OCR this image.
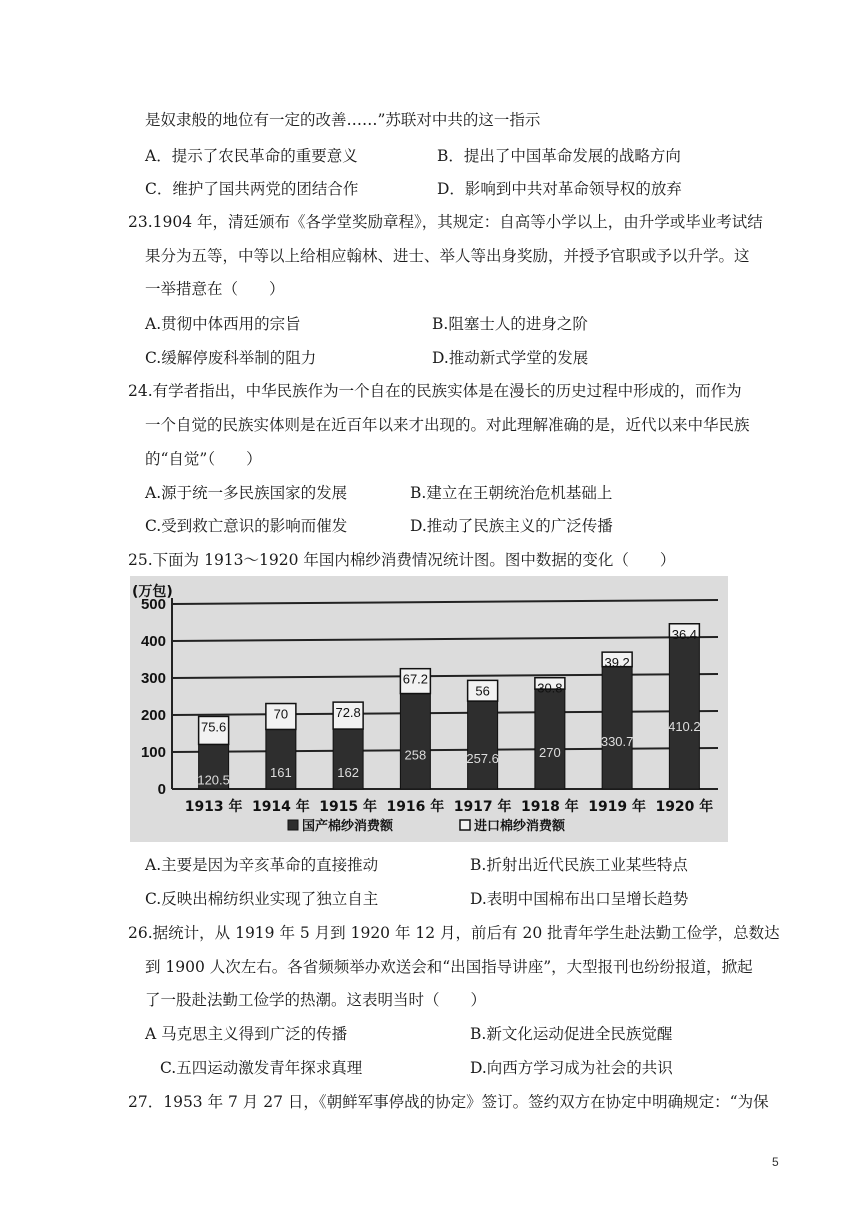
是奴隶般的地位有一定的改善……”苏联对中共的这一指示
A．提示了农民革命的重要意义	B．提出了中国革命发展的战略方向
C．维护了国共两党的团结合作	D．影响到中共对革命领导权的放弃
23.1904 年，清廷颁布《各学堂奖励章程》，其规定：自高等小学以上，由升学或毕业考试结
果分为五等，中等以上给相应翰林、进士、举人等出身奖励，并授予官职或予以升学。这
一举措意在（　　）
A.贯彻中体西用的宗旨	B.阻塞士人的进身之阶
C.缓解停废科举制的阻力	D.推动新式学堂的发展
24.有学者指出，中华民族作为一个自在的民族实体是在漫长的历史过程中形成的，而作为
一个自觉的民族实体则是在近百年以来才出现的。对此理解准确的是，近代以来中华民族
的“自觉”（　　）
A.源于统一多民族国家的发展	B.建立在王朝统治危机基础上
C.受到救亡意识的影响而催发	D.推动了民族主义的广泛传播
25.下面为 1913～1920 年国内棉纱消费情况统计图。图中数据的变化（　　）
0
100
200
300
400
500
(万包)
75.6
120.5
1913 年
70
161
1914 年
72.8
162
1915 年
67.2
258
1916 年
56
257.6
1917 年
30.8
270
1918 年
39.2
330.7
1919 年
36.4
410.2
1920 年
国产棉纱消费额	进口棉纱消费额
A.主要是因为辛亥革命的直接推动	B.折射出近代民族工业某些特点
C.反映出棉纺织业实现了独立自主	D.表明中国棉布出口呈增长趋势
26.据统计，从 1919 年 5 月到 1920 年 12 月，前后有 20 批青年学生赴法勤工俭学，总数达
到 1900 人次左右。各省频频举办欢送会和“出国指导讲座”，大型报刊也纷纷报道，掀起
了一股赴法勤工俭学的热潮。这表明当时（　　）
A 马克思主义得到广泛的传播	B.新文化运动促进全民族觉醒
C.五四运动激发青年探求真理	D.向西方学习成为社会的共识
27．1953 年 7 月 27 日，《朝鲜军事停战的协定》签订。签约双方在协定中明确规定：“为保
5
